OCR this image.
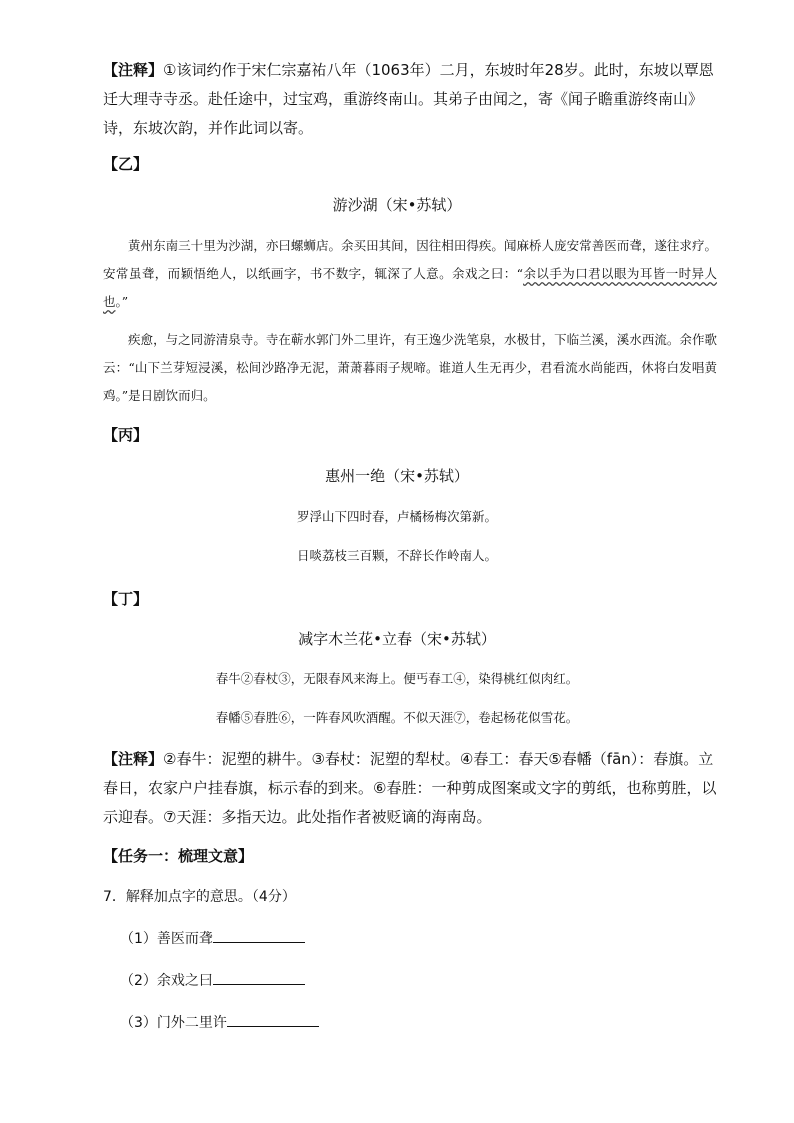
【注释】①该词约作于宋仁宗嘉祐八年（1063年）二月，东坡时年28岁。此时，东坡以覃恩迁大理寺寺丞。赴任途中，过宝鸡，重游终南山。其弟子由闻之，寄《闻子瞻重游终南山》诗，东坡次韵，并作此词以寄。

【乙】

游沙湖（宋•苏轼）

黄州东南三十里为沙湖，亦曰螺蛳店。余买田其间，因往相田得疾。闻麻桥人庞安常善医而聋，遂往求疗。安常虽聋，而颖悟绝人，以纸画字，书不数字，辄深了人意。余戏之曰：“余以手为口君以眼为耳皆一时异人也。”

疾愈，与之同游清泉寺。寺在蕲水郭门外二里许，有王逸少洗笔泉，水极甘，下临兰溪，溪水西流。余作歌云：“山下兰芽短浸溪，松间沙路净无泥，萧萧暮雨子规啼。谁道人生无再少，君看流水尚能西，休将白发唱黄鸡。”是日剧饮而归。

【丙】

惠州一绝（宋•苏轼）

罗浮山下四时春，卢橘杨梅次第新。

日啖荔枝三百颗，不辞长作岭南人。

【丁】

减字木兰花•立春（宋•苏轼）

春牛②春杖③，无限春风来海上。便丐春工④，染得桃红似肉红。

春幡⑤春胜⑥，一阵春风吹酒醒。不似天涯⑦，卷起杨花似雪花。

【注释】②春牛：泥塑的耕牛。③春杖：泥塑的犁杖。④春工：春天⑤春幡（fān）：春旗。立春日，农家户户挂春旗，标示春的到来。⑥春胜：一种剪成图案或文字的剪纸，也称剪胜，以示迎春。⑦天涯：多指天边。此处指作者被贬谪的海南岛。

【任务一：梳理文意】

7．解释加点字的意思。（4分）

（1）善医而聋

（2）余戏之曰

（3）门外二里许
